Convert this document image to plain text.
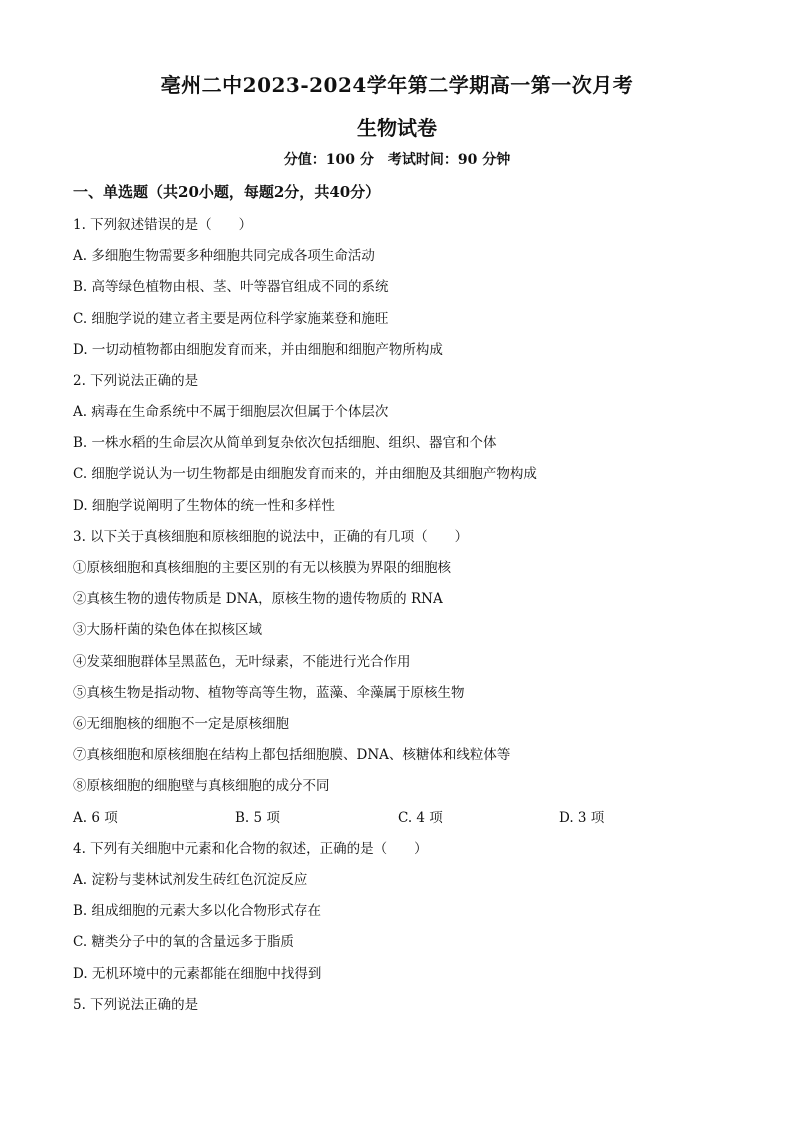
亳州二中2023-2024学年第二学期高一第一次月考
生物试卷
分值：100 分　考试时间：90 分钟
一、单选题（共20小题，每题2分，共40分）
1. 下列叙述错误的是（　　）
A. 多细胞生物需要多种细胞共同完成各项生命活动
B. 高等绿色植物由根、茎、叶等器官组成不同的系统
C. 细胞学说的建立者主要是两位科学家施莱登和施旺
D. 一切动植物都由细胞发育而来，并由细胞和细胞产物所构成
2. 下列说法正确的是
A. 病毒在生命系统中不属于细胞层次但属于个体层次
B. 一株水稻的生命层次从简单到复杂依次包括细胞、组织、器官和个体
C. 细胞学说认为一切生物都是由细胞发育而来的，并由细胞及其细胞产物构成
D. 细胞学说阐明了生物体的统一性和多样性
3. 以下关于真核细胞和原核细胞的说法中，正确的有几项（　　）
①原核细胞和真核细胞的主要区别的有无以核膜为界限的细胞核
②真核生物的遗传物质是 DNA，原核生物的遗传物质的 RNA
③大肠杆菌的染色体在拟核区域
④发菜细胞群体呈黑蓝色，无叶绿素，不能进行光合作用
⑤真核生物是指动物、植物等高等生物，蓝藻、伞藻属于原核生物
⑥无细胞核的细胞不一定是原核细胞
⑦真核细胞和原核细胞在结构上都包括细胞膜、DNA、核糖体和线粒体等
⑧原核细胞的细胞壁与真核细胞的成分不同
A. 6 项	B. 5 项	C. 4 项	D. 3 项
4. 下列有关细胞中元素和化合物的叙述，正确的是（　　）
A. 淀粉与斐林试剂发生砖红色沉淀反应
B. 组成细胞的元素大多以化合物形式存在
C. 糖类分子中的氧的含量远多于脂质
D. 无机环境中的元素都能在细胞中找得到
5. 下列说法正确的是
